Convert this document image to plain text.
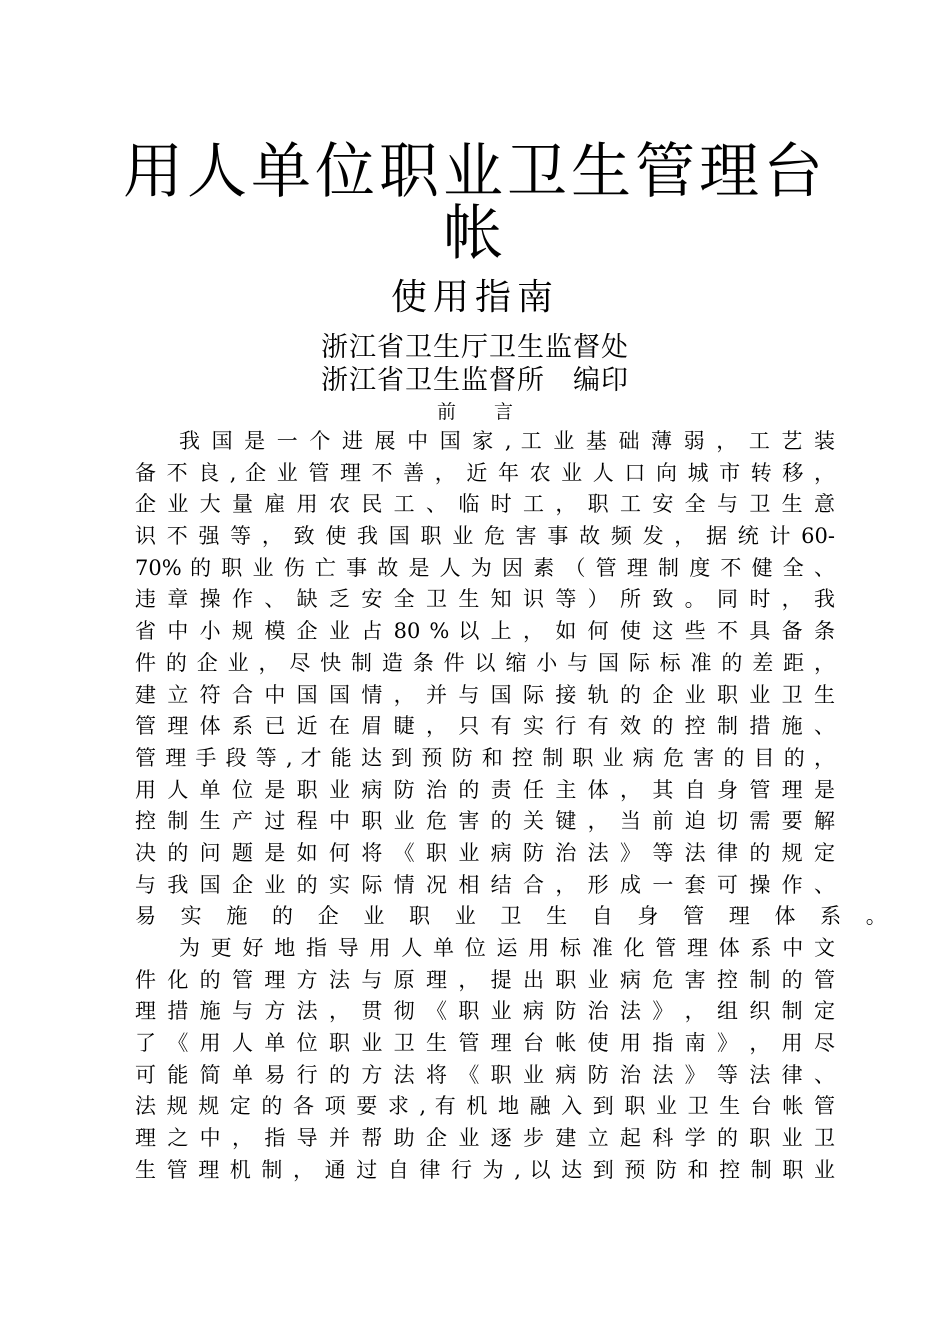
用人单位职业卫生管理台
帐
使用指南
浙江省卫生厅卫生监督处
浙江省卫生监督所　编印
前　　言
我 国 是 一 个 进 展 中 国 家 , 工 业 基 础 薄 弱 ， 工 艺 装
备 不 良 , 企 业 管 理 不 善 ， 近 年 农 业 人 口 向 城 市 转 移 ，
企 业 大 量 雇 用 农 民 工 、 临 时 工 ， 职 工 安 全 与 卫 生 意
识 不 强 等 ， 致 使 我 国 职 业 危 害 事 故 频 发 ， 据 统 计 60-
70% 的 职 业 伤 亡 事 故 是 人 为 因 素 （ 管 理 制 度 不 健 全 、
违 章 操 作 、 缺 乏 安 全 卫 生 知 识 等 ） 所 致 。 同 时 ， 我
省 中 小 规 模 企 业 占 80 % 以 上 ， 如 何 使 这 些 不 具 备 条
件 的 企 业 ， 尽 快 制 造 条 件 以 缩 小 与 国 际 标 准 的 差 距 ，
建 立 符 合 中 国 国 情 ， 并 与 国 际 接 轨 的 企 业 职 业 卫 生
管 理 体 系 已 近 在 眉 睫 ， 只 有 实 行 有 效 的 控 制 措 施 、
管 理 手 段 等 , 才 能 达 到 预 防 和 控 制 职 业 病 危 害 的 目 的 ，
用 人 单 位 是 职 业 病 防 治 的 责 任 主 体 ， 其 自 身 管 理 是
控 制 生 产 过 程 中 职 业 危 害 的 关 键 ， 当 前 迫 切 需 要 解
决 的 问 题 是 如 何 将 《 职 业 病 防 治 法 》 等 法 律 的 规 定
与 我 国 企 业 的 实 际 情 况 相 结 合 ， 形 成 一 套 可 操 作 、
易 实 施 的 企 业 职 业 卫 生 自 身 管 理 体 系 。
为 更 好 地 指 导 用 人 单 位 运 用 标 准 化 管 理 体 系 中 文
件 化 的 管 理 方 法 与 原 理 ， 提 出 职 业 病 危 害 控 制 的 管
理 措 施 与 方 法 ， 贯 彻 《 职 业 病 防 治 法 》 ， 组 织 制 定
了 《 用 人 单 位 职 业 卫 生 管 理 台 帐 使 用 指 南 》 ， 用 尽
可 能 简 单 易 行 的 方 法 将 《 职 业 病 防 治 法 》 等 法 律 、
法 规 规 定 的 各 项 要 求 , 有 机 地 融 入 到 职 业 卫 生 台 帐 管
理 之 中 ， 指 导 并 帮 助 企 业 逐 步 建 立 起 科 学 的 职 业 卫
生 管 理 机 制 ， 通 过 自 律 行 为 , 以 达 到 预 防 和 控 制 职 业
